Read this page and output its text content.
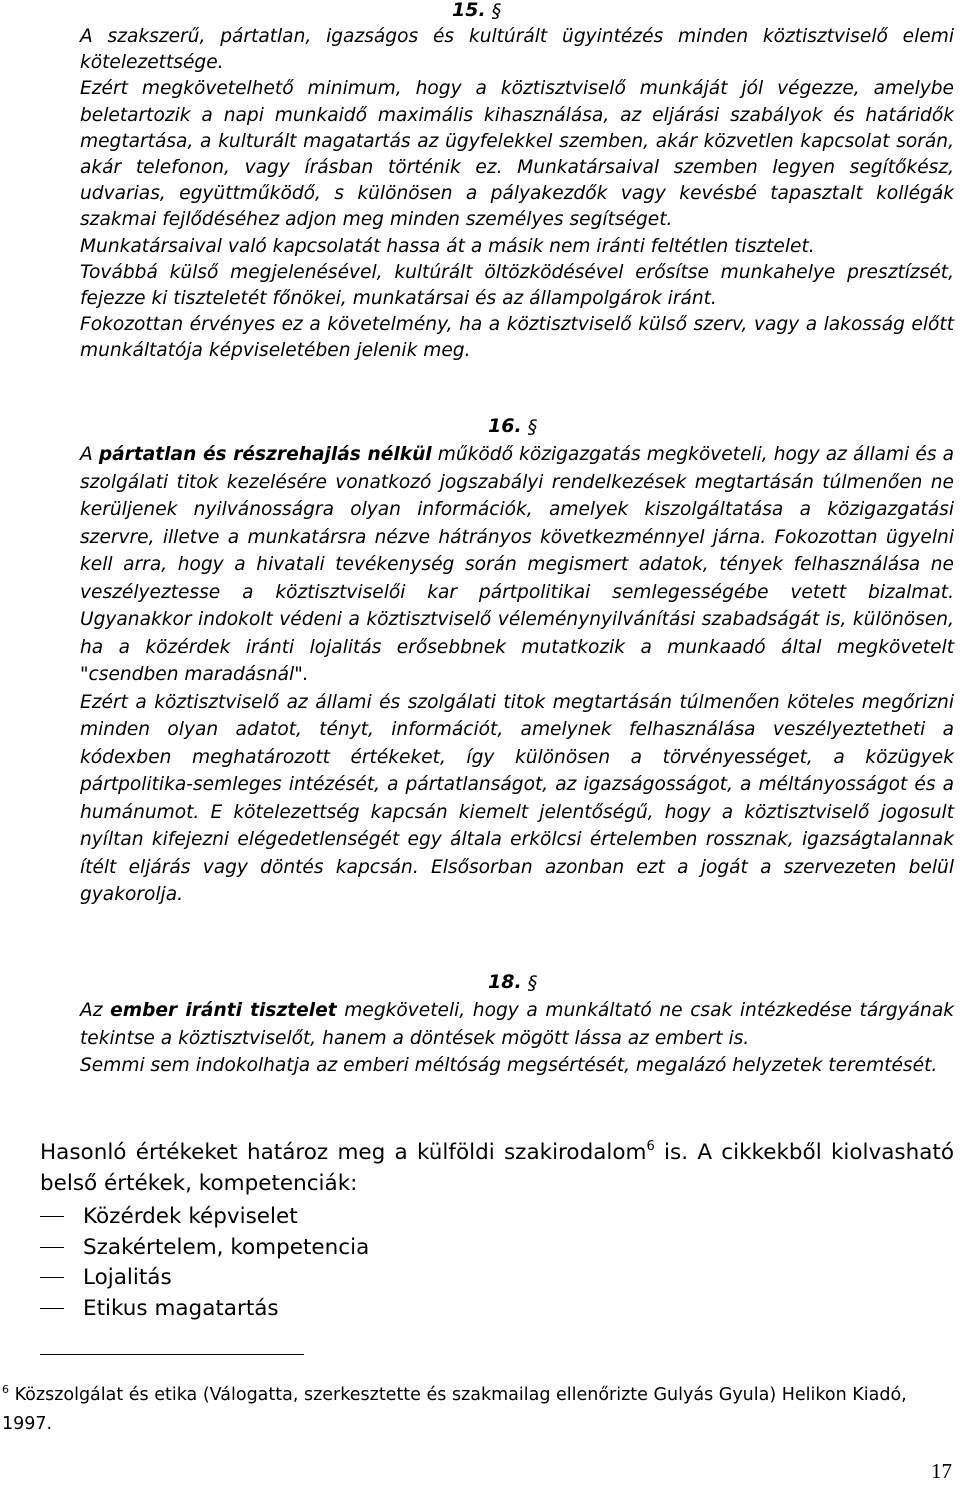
15. §

A szakszerű, pártatlan, igazságos és kultúrált ügyintézés minden köztisztviselő elemi kötelezettsége.

Ezért megkövetelhető minimum, hogy a köztisztviselő munkáját jól végezze, amelybe beletartozik a napi munkaidő maximális kihasználása, az eljárási szabályok és határidők megtartása, a kulturált magatartás az ügyfelekkel szemben, akár közvetlen kapcsolat során, akár telefonon, vagy írásban történik ez. Munkatársaival szemben legyen segítőkész, udvarias, együttműködő, s különösen a pályakezdők vagy kevésbé tapasztalt kollégák szakmai fejlődéséhez adjon meg minden személyes segítséget.

Munkatársaival való kapcsolatát hassa át a másik nem iránti feltétlen tisztelet.

Továbbá külső megjelenésével, kultúrált öltözködésével erősítse munkahelye presztízsét, fejezze ki tiszteletét főnökei, munkatársai és az állampolgárok iránt.

Fokozottan érvényes ez a követelmény, ha a köztisztviselő külső szerv, vagy a lakosság előtt munkáltatója képviseletében jelenik meg.

16. §

A pártatlan és részrehajlás nélkül működő közigazgatás megköveteli, hogy az állami és a szolgálati titok kezelésére vonatkozó jogszabályi rendelkezések megtartásán túlmenően ne kerüljenek nyilvánosságra olyan információk, amelyek kiszolgáltatása a közigazgatási szervre, illetve a munkatársra nézve hátrányos következménnyel járna. Fokozottan ügyelni kell arra, hogy a hivatali tevékenység során megismert adatok, tények felhasználása ne veszélyeztesse a köztisztviselői kar pártpolitikai semlegességébe vetett bizalmat. Ugyanakkor indokolt védeni a köztisztviselő véleménynyilvánítási szabadságát is, különösen, ha a közérdek iránti lojalitás erősebbnek mutatkozik a munkaadó által megkövetelt "csendben maradásnál".

Ezért a köztisztviselő az állami és szolgálati titok megtartásán túlmenően köteles megőrizni minden olyan adatot, tényt, információt, amelynek felhasználása veszélyeztetheti a kódexben meghatározott értékeket, így különösen a törvényességet, a közügyek pártpolitika-semleges intézését, a pártatlanságot, az igazságosságot, a méltányosságot és a humánumot. E kötelezettség kapcsán kiemelt jelentőségű, hogy a köztisztviselő jogosult nyíltan kifejezni elégedetlenségét egy általa erkölcsi értelemben rossznak, igazságtalannak ítélt eljárás vagy döntés kapcsán. Elsősorban azonban ezt a jogát a szervezeten belül gyakorolja.

18. §

Az ember iránti tisztelet megköveteli, hogy a munkáltató ne csak intézkedése tárgyának tekintse a köztisztviselőt, hanem a döntések mögött lássa az embert is.

Semmi sem indokolhatja az emberi méltóság megsértését, megalázó helyzetek teremtését.

Hasonló értékeket határoz meg a külföldi szakirodalom$^6$ is. A cikkekből kiolvasható belső értékek, kompetenciák:

Közérdek képviselet
Szakértelem, kompetencia
Lojalitás
Etikus magatartás
$^6$ Közszolgálat és etika (Válogatta, szerkesztette és szakmailag ellenőrizte Gulyás Gyula) Helikon Kiadó, 1997.
17
